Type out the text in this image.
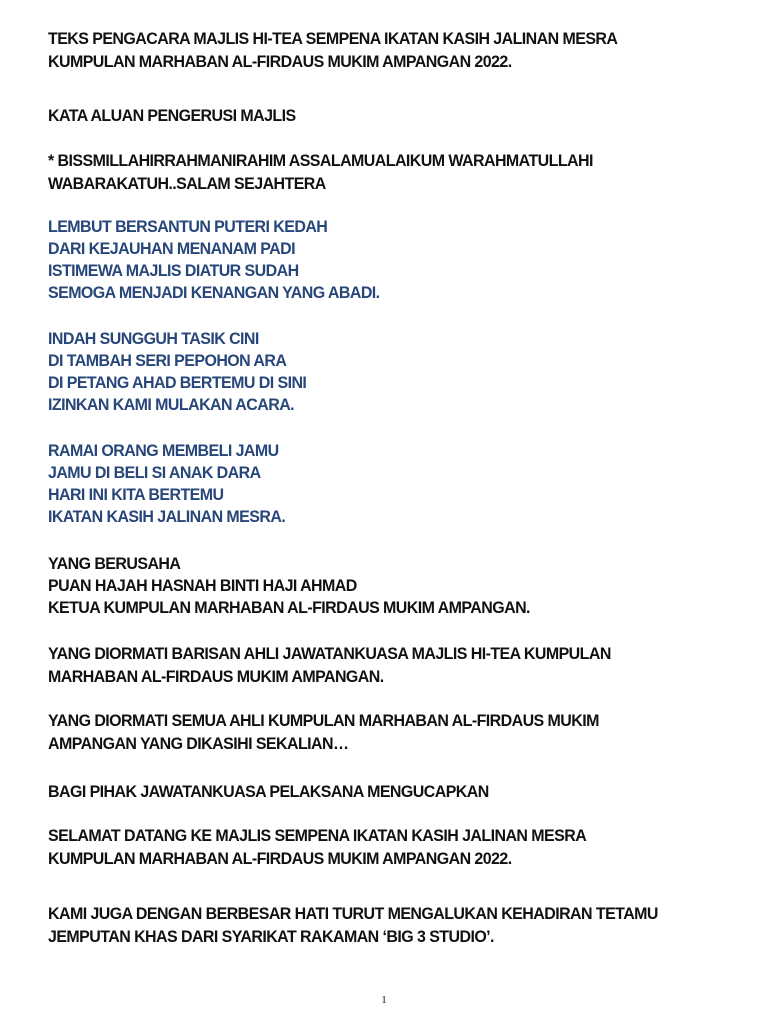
TEKS PENGACARA MAJLIS HI-TEA SEMPENA IKATAN KASIH JALINAN MESRA
KUMPULAN MARHABAN AL-FIRDAUS MUKIM AMPANGAN 2022.
KATA ALUAN PENGERUSI MAJLIS
* BISSMILLAHIRRAHMANIRAHIM ASSALAMUALAIKUM WARAHMATULLAHI
WABARAKATUH..SALAM SEJAHTERA
LEMBUT BERSANTUN PUTERI KEDAH
DARI KEJAUHAN MENANAM PADI
ISTIMEWA MAJLIS DIATUR SUDAH
SEMOGA MENJADI KENANGAN YANG ABADI.
INDAH SUNGGUH TASIK CINI
DI TAMBAH SERI PEPOHON ARA
DI PETANG AHAD BERTEMU DI SINI
IZINKAN KAMI MULAKAN ACARA.
RAMAI ORANG MEMBELI JAMU
JAMU DI BELI SI ANAK DARA
HARI INI KITA BERTEMU
IKATAN KASIH JALINAN MESRA.
YANG BERUSAHA
PUAN HAJAH HASNAH BINTI HAJI AHMAD
KETUA KUMPULAN MARHABAN AL-FIRDAUS MUKIM AMPANGAN.
YANG DIORMATI BARISAN AHLI JAWATANKUASA MAJLIS HI-TEA KUMPULAN
MARHABAN AL-FIRDAUS MUKIM AMPANGAN.
YANG DIORMATI SEMUA AHLI KUMPULAN MARHABAN AL-FIRDAUS MUKIM
AMPANGAN YANG DIKASIHI SEKALIAN…
BAGI PIHAK JAWATANKUASA PELAKSANA MENGUCAPKAN
SELAMAT DATANG KE MAJLIS SEMPENA IKATAN KASIH JALINAN MESRA
KUMPULAN MARHABAN AL-FIRDAUS MUKIM AMPANGAN 2022.
KAMI JUGA DENGAN BERBESAR HATI TURUT MENGALUKAN KEHADIRAN TETAMU
JEMPUTAN KHAS DARI SYARIKAT RAKAMAN ‘BIG 3 STUDIO’.
1
